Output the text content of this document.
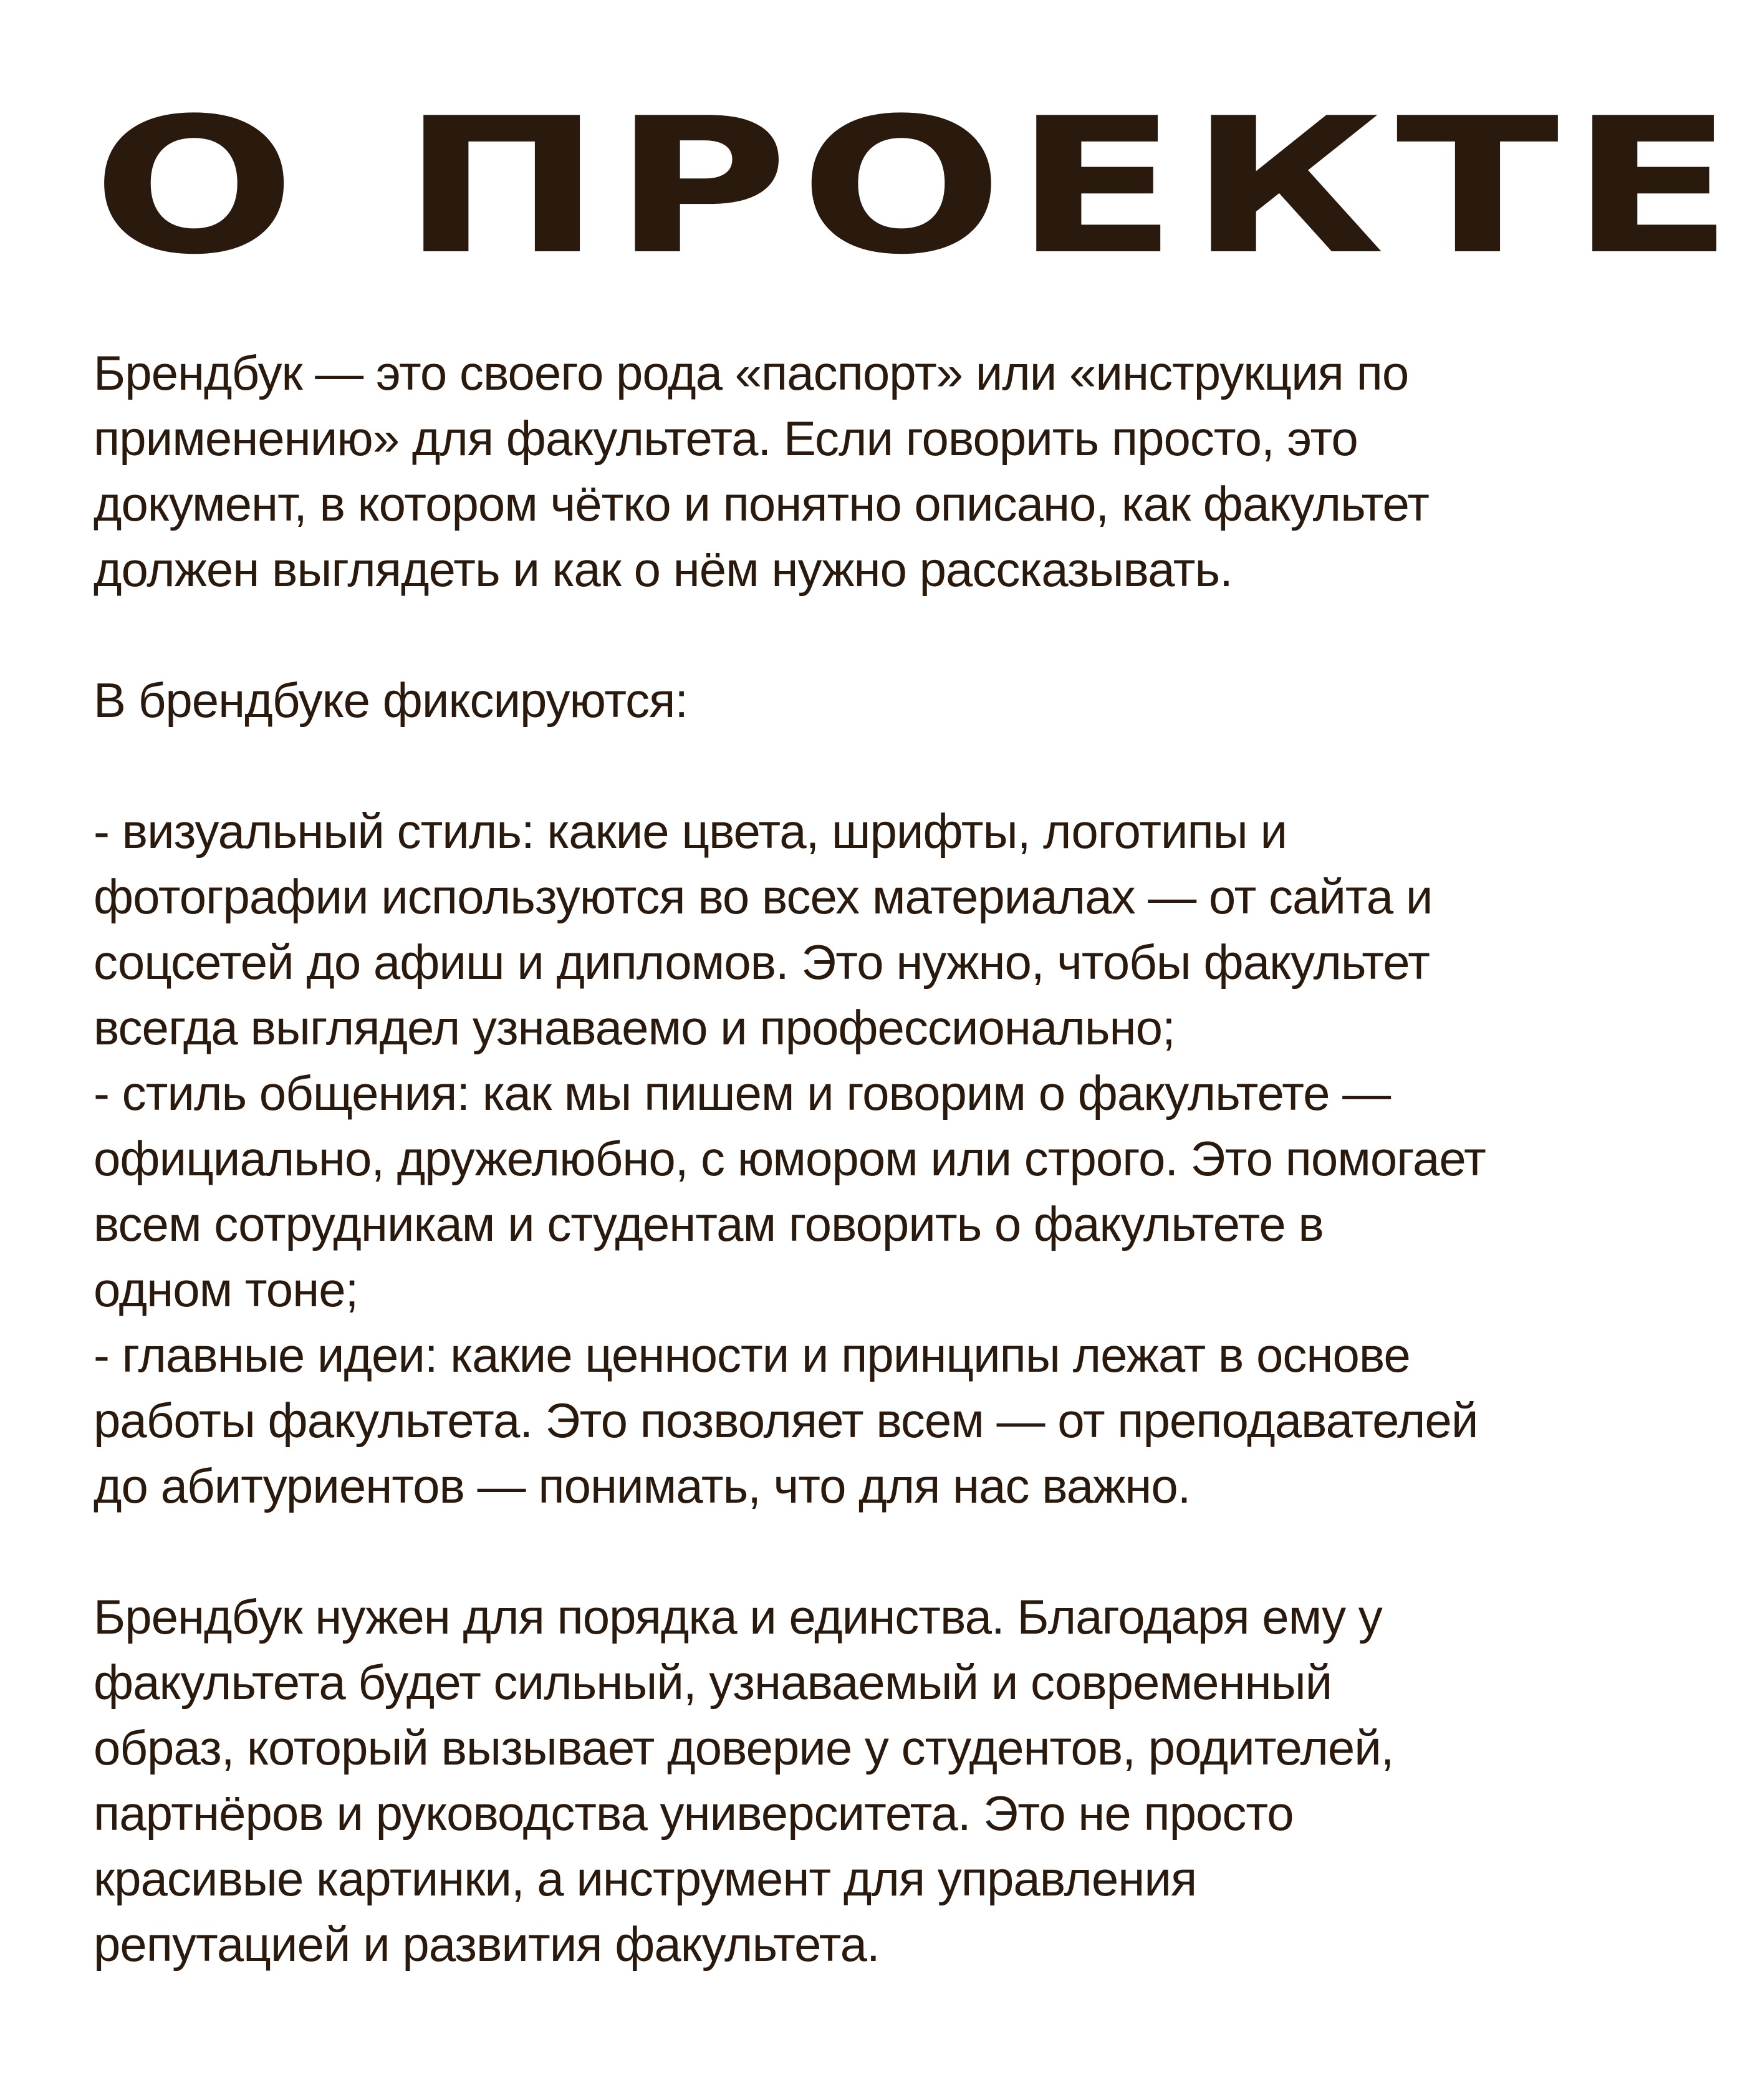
О ПРОЕКТЕ
Брендбук — это своего рода «паспорт» или «инструкция по
применению» для факультета. Если говорить просто, это
документ, в котором чётко и понятно описано, как факультет
должен выглядеть и как о нём нужно рассказывать.
В брендбуке фиксируются:
- визуальный стиль: какие цвета, шрифты, логотипы и
фотографии используются во всех материалах — от сайта и
соцсетей до афиш и дипломов. Это нужно, чтобы факультет
всегда выглядел узнаваемо и профессионально;
- стиль общения: как мы пишем и говорим о факультете —
официально, дружелюбно, с юмором или строго. Это помогает
всем сотрудникам и студентам говорить о факультете в
одном тоне;
- главные идеи: какие ценности и принципы лежат в основе
работы факультета. Это позволяет всем — от преподавателей
до абитуриентов — понимать, что для нас важно.
Брендбук нужен для порядка и единства. Благодаря ему у
факультета будет сильный, узнаваемый и современный
образ, который вызывает доверие у студентов, родителей,
партнёров и руководства университета. Это не просто
красивые картинки, а инструмент для управления
репутацией и развития факультета.
